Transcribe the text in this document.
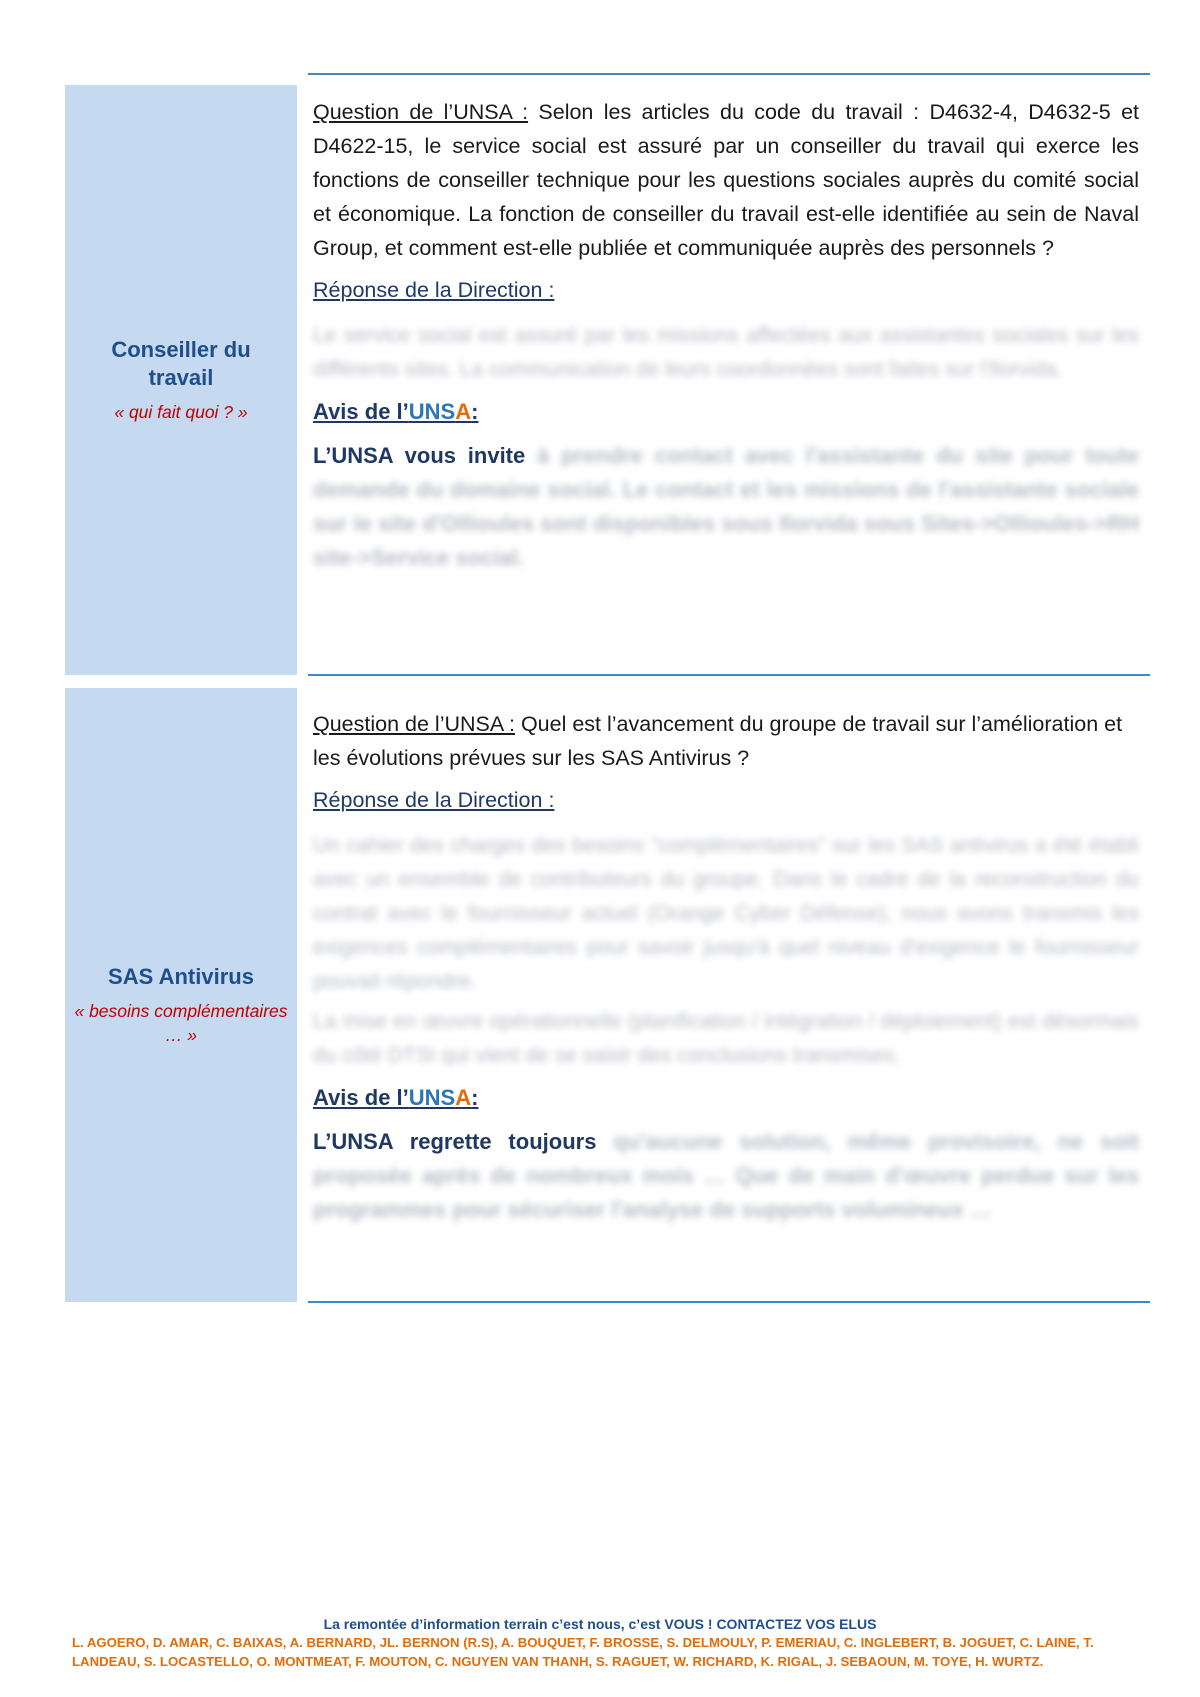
Conseiller du travail
« qui fait quoi ? »

Question de l’UNSA : Selon les articles du code du travail : D4632-4, D4632-5 et D4622-15, le service social est assuré par un conseiller du travail qui exerce les fonctions de conseiller technique pour les questions sociales auprès du comité social et économique. La fonction de conseiller du travail est-elle identifiée au sein de Naval Group, et comment est-elle publiée et communiquée auprès des personnels ?

Réponse de la Direction :
Le service social est assuré par les missions affectées aux assistantes sociales sur les différents sites. La communication de leurs coordonnées sont faites sur l'Ilorvida.
Avis de l’UNSA:
L’UNSA vous invite à prendre contact avec l'assistante du site pour toute demande du domaine social. Le contact et les missions de l'assistante sociale sur le site d'Ollioules sont disponibles sous Ilorvida sous Sites->Ollioules->RH site->Service social.
SAS Antivirus
« besoins complémentaires … »

Question de l’UNSA : Quel est l’avancement du groupe de travail sur l’amélioration et les évolutions prévues sur les SAS Antivirus ?

Réponse de la Direction :
Un cahier des charges des besoins "complémentaires" sur les SAS antivirus a été établi avec un ensemble de contributeurs du groupe. Dans le cadre de la reconstruction du contrat avec le fournisseur actuel (Orange Cyber Défense), nous avons transmis les exigences complémentaires pour savoir jusqu'à quel niveau d'exigence le fournisseur pouvait répondre.
La mise en œuvre opérationnelle (planification / intégration / déploiement) est désormais du côté DTSI qui vient de se saisir des conclusions transmises.
Avis de l’UNSA:
L’UNSA regrette toujours qu'aucune solution, même provisoire, ne soit proposée après de nombreux mois … Que de main d'œuvre perdue sur les programmes pour sécuriser l'analyse de supports volumineux …
La remontée d’information terrain c’est nous, c’est VOUS ! CONTACTEZ VOS ELUS
L. AGOERO, D. AMAR, C. BAIXAS, A. BERNARD, JL. BERNON (R.S), A. BOUQUET, F. BROSSE, S. DELMOULY, P. EMERIAU, C. INGLEBERT, B. JOGUET, C. LAINE, T. LANDEAU, S. LOCASTELLO, O. MONTMEAT, F. MOUTON, C. NGUYEN VAN THANH, S. RAGUET, W. RICHARD, K. RIGAL, J. SEBAOUN, M. TOYE, H. WURTZ.
